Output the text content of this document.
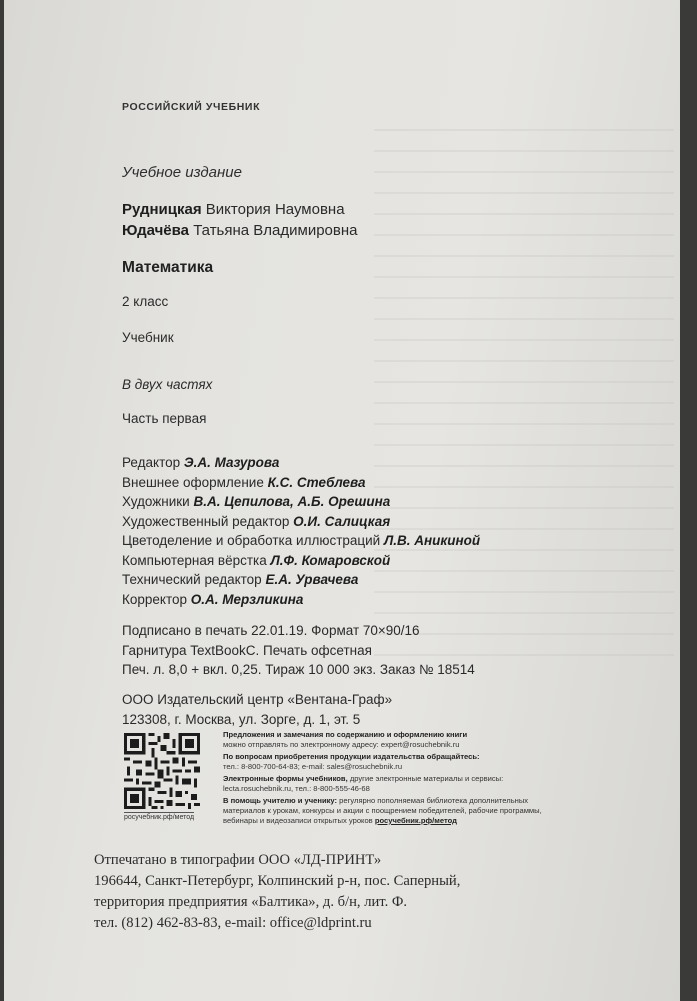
РОССИЙСКИЙ УЧЕБНИК
Учебное издание
Рудницкая Виктория Наумовна
Юдачёва Татьяна Владимировна
Математика
2 класс
Учебник
В двух частях
Часть первая
Редактор Э.А. Мазурова
Внешнее оформление К.С. Стеблева
Художники В.А. Цепилова, А.Б. Орешина
Художественный редактор О.И. Салицкая
Цветоделение и обработка иллюстраций Л.В. Аникиной
Компьютерная вёрстка Л.Ф. Комаровской
Технический редактор Е.А. Урвачева
Корректор О.А. Мерзликина
Подписано в печать 22.01.19. Формат 70×90/16
Гарнитура TextBookC. Печать офсетная
Печ. л. 8,0 + вкл. 0,25. Тираж 10 000 экз. Заказ № 18514
ООО Издательский центр «Вентана-Граф»
123308, г. Москва, ул. Зорге, д. 1, эт. 5
росучебник.рф/метод
Предложения и замечания по содержанию и оформлению книги
можно отправлять по электронному адресу: expert@rosuchebnik.ru
По вопросам приобретения продукции издательства обращайтесь:
тел.: 8-800-700-64-83; e-mail: sales@rosuchebnik.ru
Электронные формы учебников, другие электронные материалы и сервисы:
lecta.rosuchebnik.ru, тел.: 8-800-555-46-68
В помощь учителю и ученику: регулярно пополняемая библиотека дополнительных
материалов к урокам, конкурсы и акции с поощрением победителей, рабочие программы,
вебинары и видеозаписи открытых уроков росучебник.рф/метод
Отпечатано в типографии ООО «ЛД-ПРИНТ»
196644, Санкт-Петербург, Колпинский р-н, пос. Саперный,
территория предприятия «Балтика», д. б/н, лит. Ф.
тел. (812) 462-83-83, e-mail: office@ldprint.ru
